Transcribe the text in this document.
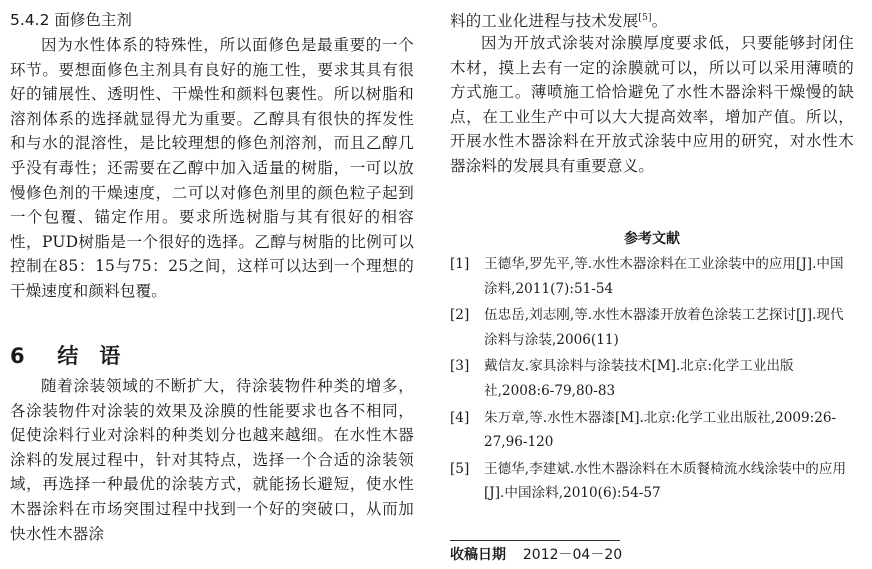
5.4.2 面修色主剂

因为水性体系的特殊性，所以面修色是最重要的一个环节。要想面修色主剂具有良好的施工性，要求其具有很好的铺展性、透明性、干燥性和颜料包裹性。所以树脂和溶剂体系的选择就显得尤为重要。乙醇具有很快的挥发性和与水的混溶性，是比较理想的修色剂溶剂，而且乙醇几乎没有毒性；还需要在乙醇中加入适量的树脂，一可以放慢修色剂的干燥速度，二可以对修色剂里的颜色粒子起到一个包覆、锚定作用。要求所选树脂与其有很好的相容性，PUD树脂是一个很好的选择。乙醇与树脂的比例可以控制在85：15与75：25之间，这样可以达到一个理想的干燥速度和颜料包覆。

6 结　语

随着涂装领域的不断扩大，待涂装物件种类的增多，各涂装物件对涂装的效果及涂膜的性能要求也各不相同，促使涂料行业对涂料的种类划分也越来越细。在水性木器涂料的发展过程中，针对其特点，选择一个合适的涂装领域，再选择一种最优的涂装方式，就能扬长避短，使水性木器涂料在市场突围过程中找到一个好的突破口，从而加快水性木器涂

料的工业化进程与技术发展[5]。

因为开放式涂装对涂膜厚度要求低，只要能够封闭住木材，摸上去有一定的涂膜就可以，所以可以采用薄喷的方式施工。薄喷施工恰恰避免了水性木器涂料干燥慢的缺点，在工业生产中可以大大提高效率，增加产值。所以，开展水性木器涂料在开放式涂装中应用的研究，对水性木器涂料的发展具有重要意义。

参考文献
[1] 王德华,罗先平,等.水性木器涂料在工业涂装中的应用[J].中国涂料,2011(7):51-54
[2] 伍忠岳,刘志刚,等.水性木器漆开放着色涂装工艺探讨[J].现代涂料与涂装,2006(11)
[3] 戴信友.家具涂料与涂装技术[M].北京:化学工业出版社,2008:6-79,80-83
[4] 朱万章,等.水性木器漆[M].北京:化学工业出版社,2009:26-27,96-120
[5] 王德华,李建斌.水性木器涂料在木质餐椅流水线涂装中的应用[J].中国涂料,2010(6):54-57
收稿日期 2012－04－20
